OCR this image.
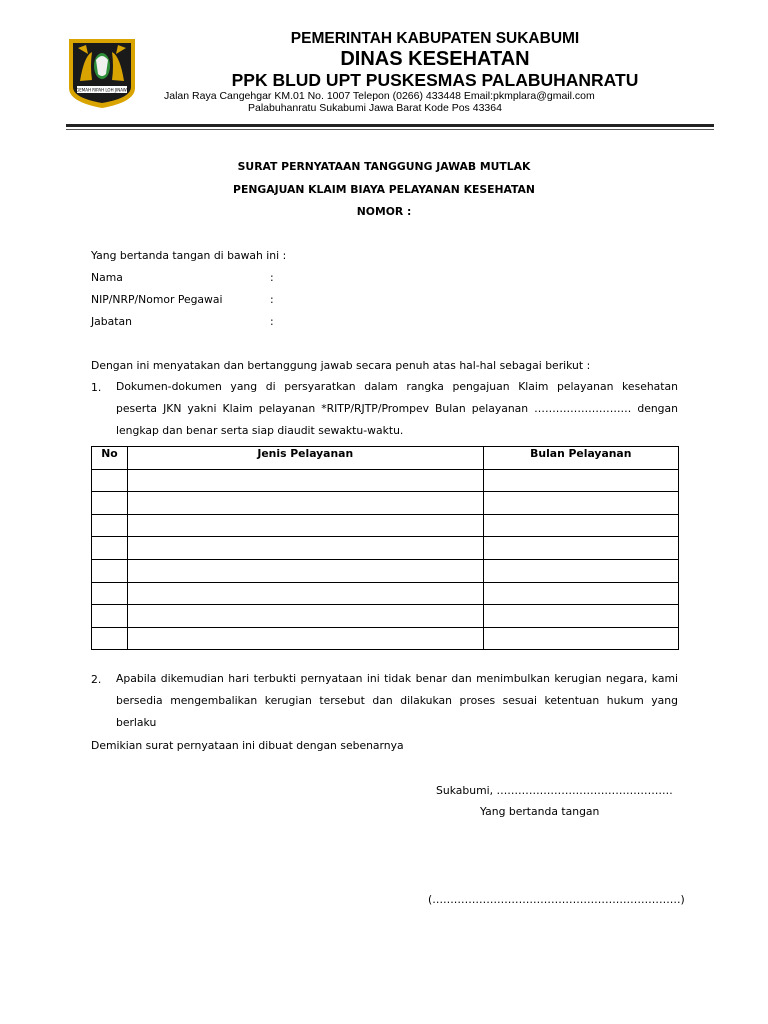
GEMAH RIPAH LOH JINAWI
PEMERINTAH KABUPATEN SUKABUMI
DINAS KESEHATAN
PPK BLUD UPT PUSKESMAS PALABUHANRATU
Jalan Raya Cangehgar KM.01 No. 1007 Telepon (0266) 433448 Email:pkmplara@gmail.com
Palabuhanratu Sukabumi Jawa Barat Kode Pos 43364
SURAT PERNYATAAN TANGGUNG JAWAB MUTLAK
PENGAJUAN KLAIM BIAYA PELAYANAN KESEHATAN
NOMOR :
Yang bertanda tangan di bawah ini :
Nama	:
NIP/NRP/Nomor Pegawai	:
Jabatan	:
Dengan ini menyatakan dan bertanggung jawab secara penuh atas hal-hal sebagai berikut :
1. Dokumen-dokumen yang di persyaratkan dalam rangka pengajuan Klaim pelayanan kesehatan
peserta JKN yakni Klaim pelayanan *RITP/RJTP/Prompev Bulan pelayanan ……………………… dengan
lengkap dan benar serta siap diaudit sewaktu-waktu.
No	Jenis Pelayanan	Bulan Pelayanan

2. Apabila dikemudian hari terbukti pernyataan ini tidak benar dan menimbulkan kerugian negara, kami
bersedia mengembalikan kerugian tersebut dan dilakukan proses sesuai ketentuan hukum yang
berlaku
Demikian surat pernyataan ini dibuat dengan sebenarnya
Sukabumi, ………………………………………….
Yang bertanda tangan
(……………………………………………………………)
